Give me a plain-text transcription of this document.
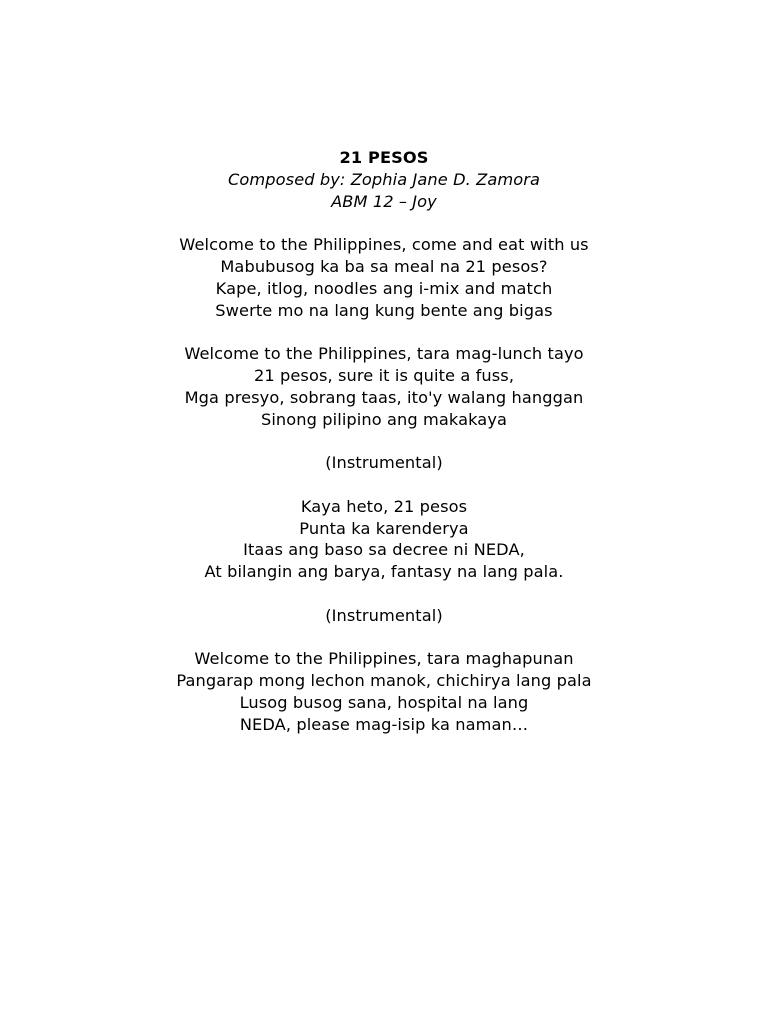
21 PESOS
Composed by: Zophia Jane D. Zamora
ABM 12 – Joy
Welcome to the Philippines, come and eat with us
Mabubusog ka ba sa meal na 21 pesos?
Kape, itlog, noodles ang i-mix and match
Swerte mo na lang kung bente ang bigas
Welcome to the Philippines, tara mag-lunch tayo
21 pesos, sure it is quite a fuss,
Mga presyo, sobrang taas, ito'y walang hanggan
Sinong pilipino ang makakaya
(Instrumental)
Kaya heto, 21 pesos
Punta ka karenderya
Itaas ang baso sa decree ni NEDA,
At bilangin ang barya, fantasy na lang pala.
(Instrumental)
Welcome to the Philippines, tara maghapunan
Pangarap mong lechon manok, chichirya lang pala
Lusog busog sana, hospital na lang
NEDA, please mag-isip ka naman…
